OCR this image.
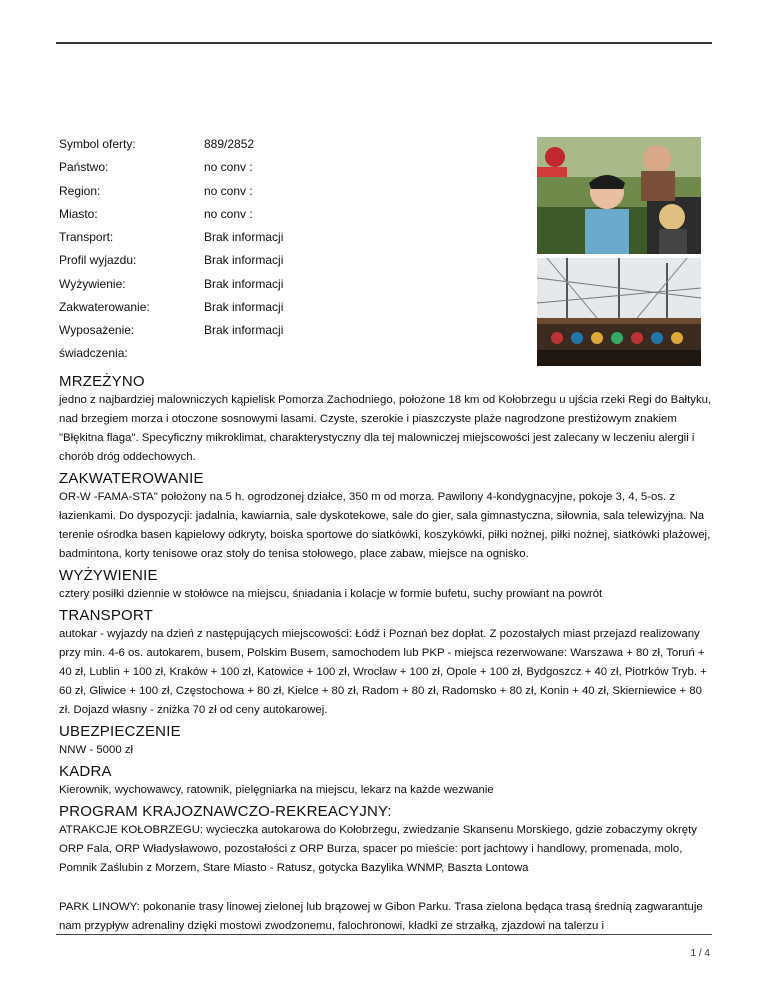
Symbol oferty:	889/2852
Państwo:	no conv :
Region:	no conv :
Miasto:	no conv :
Transport:	Brak informacji
Profil wyjazdu:	Brak informacji
Wyżywienie:	Brak informacji
Zakwaterowanie:	Brak informacji
Wyposażenie:	Brak informacji
świadczenia:
MRZEŻYNO

jedno z najbardziej malowniczych kąpielisk Pomorza Zachodniego, położone 18 km od Kołobrzegu u ujścia rzeki Regi do Bałtyku, nad brzegiem morza i otoczone sosnowymi lasami. Czyste, szerokie i piaszczyste plaże nagrodzone prestiżowym znakiem "Błękitna flaga". Specyficzny mikroklimat, charakterystyczny dla tej malowniczej miejscowości jest zalecany w leczeniu alergii i chorób dróg oddechowych.

ZAKWATEROWANIE

OR-W -FAMA-STA" położony na 5 h. ogrodzonej działce, 350 m od morza. Pawilony 4-kondygnacyjne, pokoje 3, 4, 5-os. z łazienkami. Do dyspozycji: jadalnia, kawiarnia, sale dyskotekowe, sale do gier, sala gimnastyczna, siłownia, sala telewizyjna. Na terenie ośrodka basen kąpielowy odkryty, boiska sportowe do siatkówki, koszykówki, piłki nożnej, piłki nożnej, siatkówki plażowej, badmintona, korty tenisowe oraz stoły do tenisa stołowego, place zabaw, miejsce na ognisko.

WYŻYWIENIE

cztery posiłki dziennie w stołówce na miejscu, śniadania i kolacje w formie bufetu, suchy prowiant na powrót

TRANSPORT

autokar - wyjazdy na dzień z następujących miejscowości: Łódź i Poznań bez dopłat. Z pozostałych miast przejazd realizowany przy min. 4-6 os. autokarem, busem, Polskim Busem, samochodem lub PKP - miejsca rezerwowane: Warszawa + 80 zł, Toruń + 40 zł, Lublin + 100 zł, Kraków + 100 zł, Katowice + 100 zł, Wrocław + 100 zł, Opole + 100 zł, Bydgoszcz + 40 zł, Piotrków Tryb. + 60 zł, Gliwice + 100 zł, Częstochowa + 80 zł, Kielce + 80 zł, Radom + 80 zł, Radomsko + 80 zł, Konin + 40 zł, Skierniewice + 80 zł. Dojazd własny - zniżka 70 zł od ceny autokarowej.

UBEZPIECZENIE

NNW - 5000 zł

KADRA

Kierownik, wychowawcy, ratownik, pielęgniarka na miejscu, lekarz na każde wezwanie

PROGRAM KRAJOZNAWCZO-REKREACYJNY:

ATRAKCJE KOŁOBRZEGU: wycieczka autokarowa do Kołobrzegu, zwiedzanie Skansenu Morskiego, gdzie zobaczymy okręty ORP Fala, ORP Władysławowo, pozostałości z ORP Burza, spacer po mieście: port jachtowy i handlowy, promenada, molo, Pomnik Zaślubin z Morzem, Stare Miasto - Ratusz, gotycka Bazylika WNMP, Baszta Lontowa

PARK LINOWY: pokonanie trasy linowej zielonej lub brązowej w Gibon Parku. Trasa zielona będąca trasą średnią zagwarantuje nam przypływ adrenaliny dzięki mostowi zwodzonemu, falochronowi, kładki ze strzałką, zjazdowi na talerzu i

1 / 4
